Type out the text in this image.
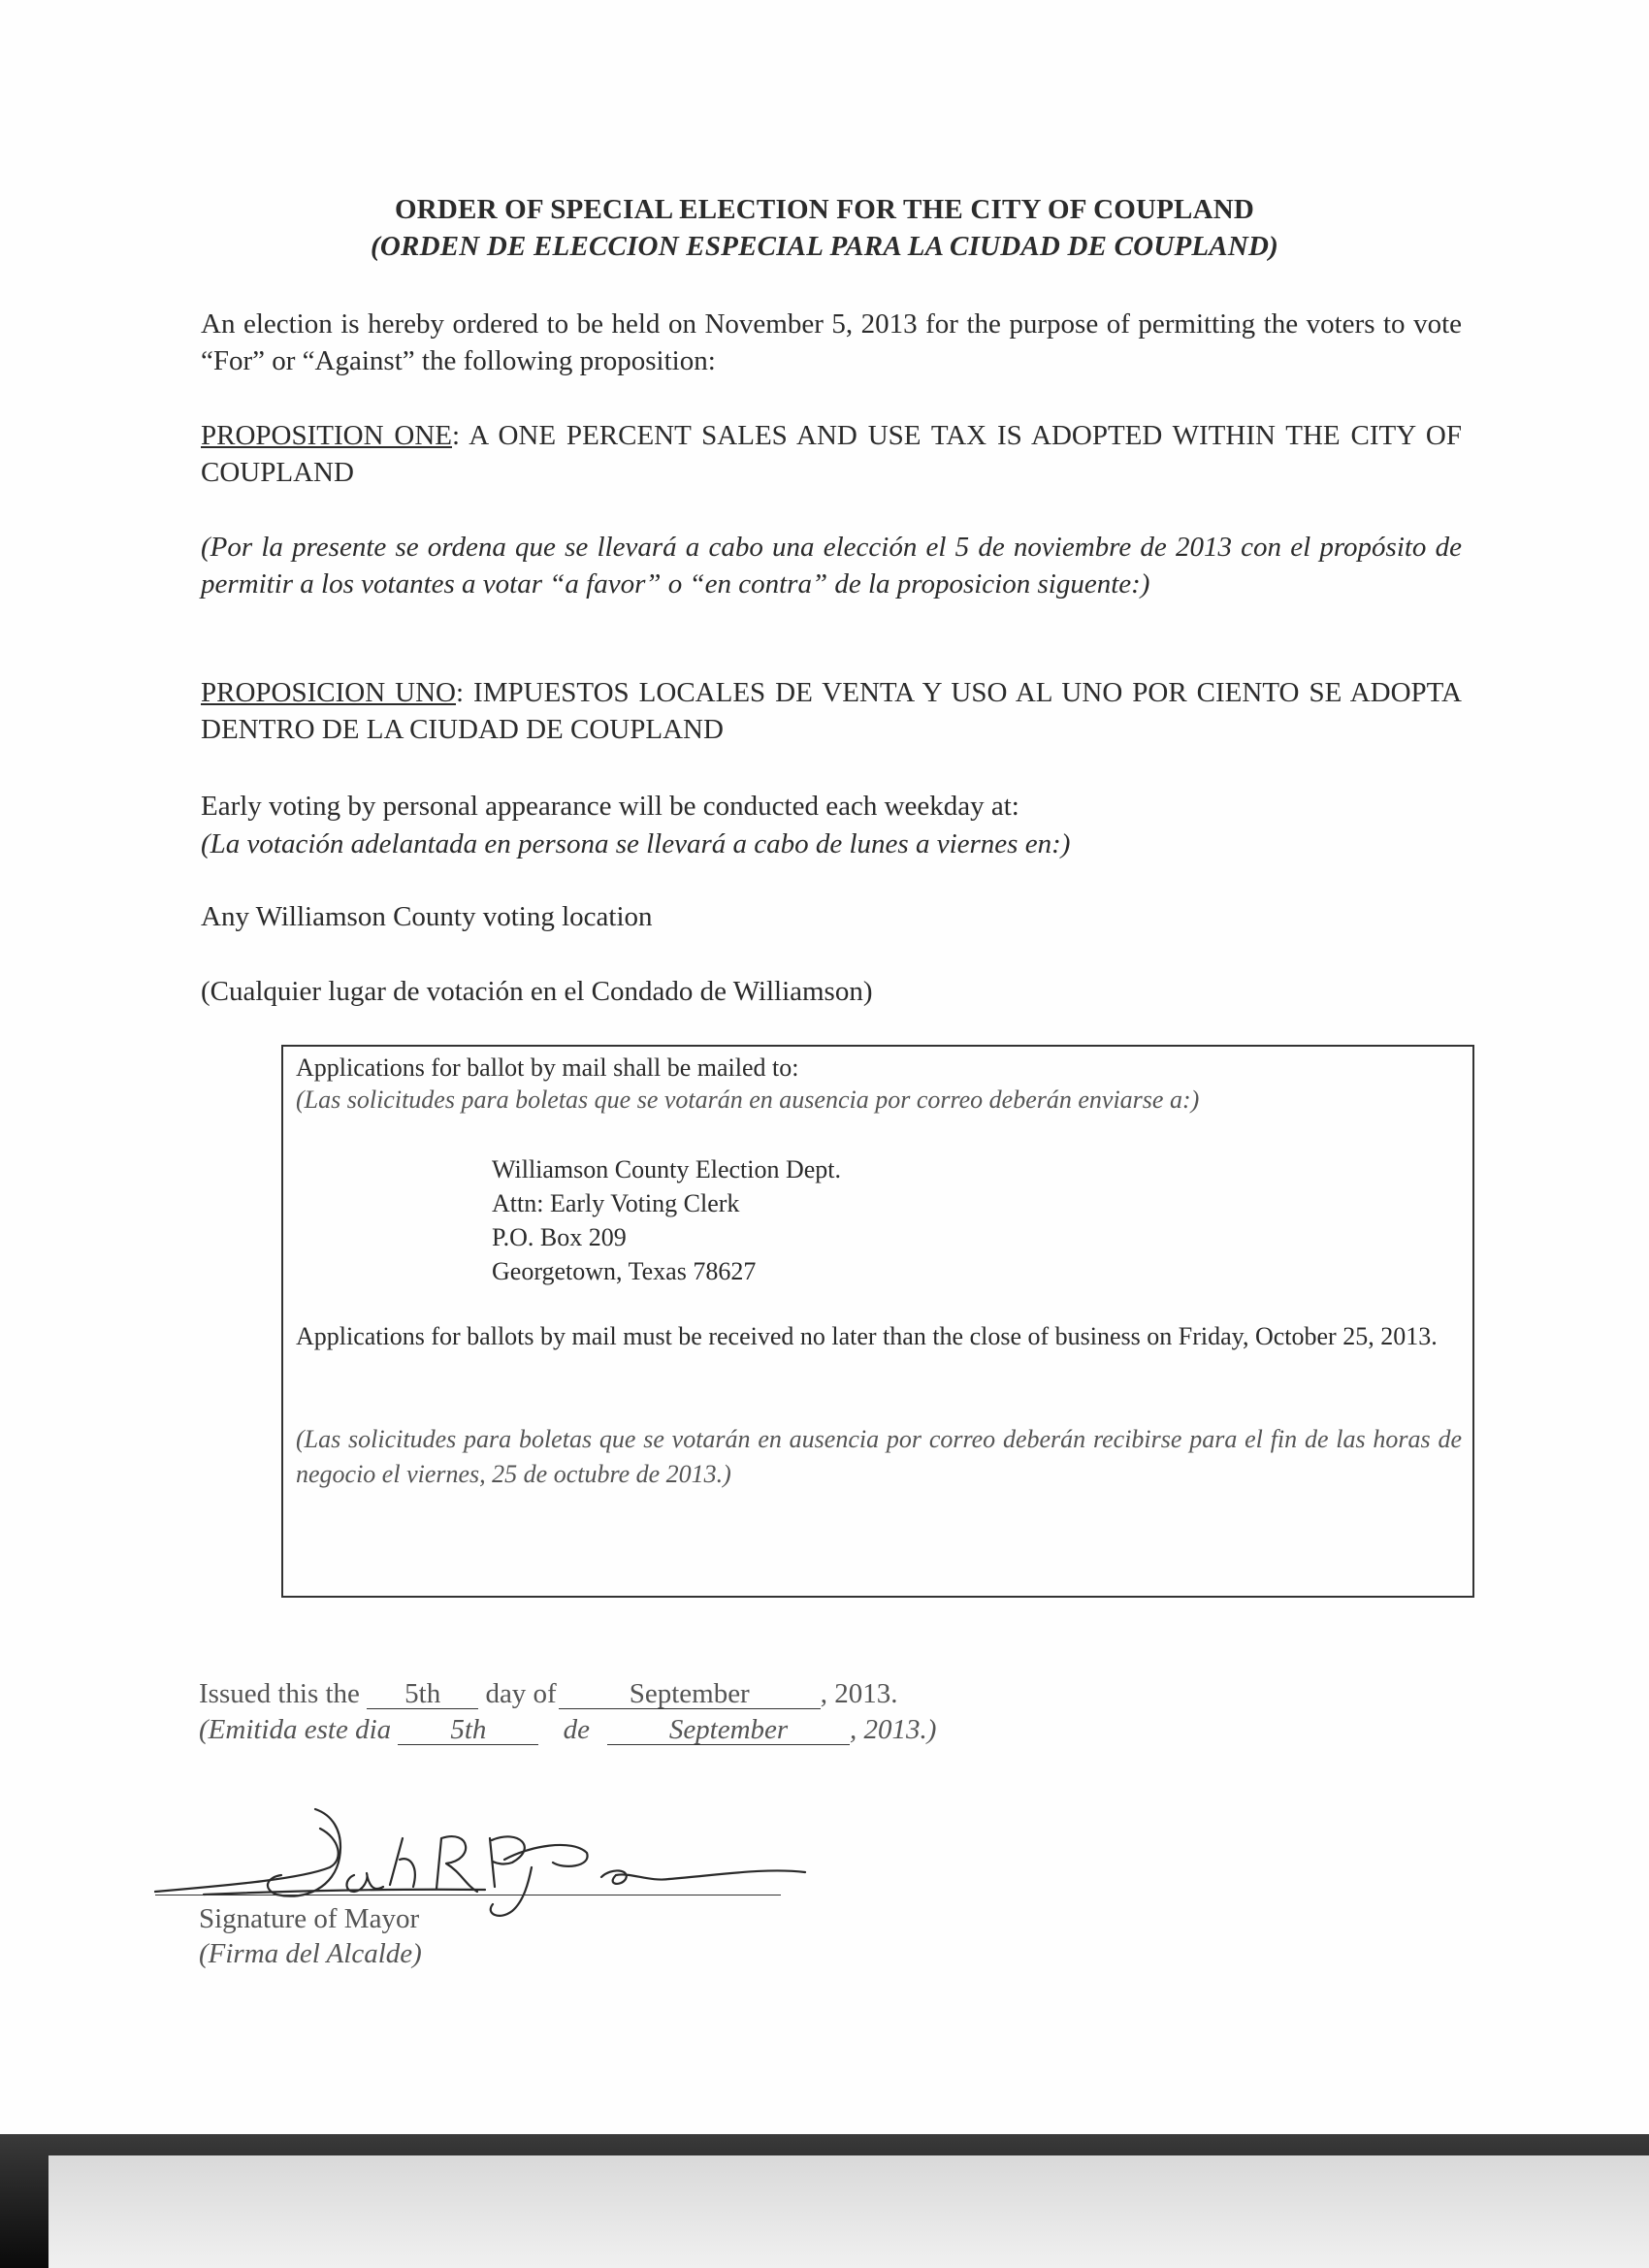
ORDER OF SPECIAL ELECTION FOR THE CITY OF COUPLAND
(ORDEN DE ELECCION ESPECIAL PARA LA CIUDAD DE COUPLAND)
An election is hereby ordered to be held on November 5, 2013 for the purpose of permitting the voters to vote “For” or “Against” the following proposition:
PROPOSITION ONE: A ONE PERCENT SALES AND USE TAX IS ADOPTED WITHIN THE CITY OF COUPLAND
(Por la presente se ordena que se llevará a cabo una elección el 5 de noviembre de 2013 con el propósito de permitir a los votantes a votar “a favor” o “en contra” de la proposicion siguente:)
PROPOSICION UNO: IMPUESTOS LOCALES DE VENTA Y USO AL UNO POR CIENTO SE ADOPTA DENTRO DE LA CIUDAD DE COUPLAND
Early voting by personal appearance will be conducted each weekday at:
(La votación adelantada en persona se llevará a cabo de lunes a viernes en:)
Any Williamson County voting location
(Cualquier lugar de votación en el Condado de Williamson)
Applications for ballot by mail shall be mailed to:
(Las solicitudes para boletas que se votarán en ausencia por correo deberán enviarse a:)
Williamson County Election Dept.
Attn: Early Voting Clerk
P.O. Box 209
Georgetown, Texas 78627
Applications for ballots by mail must be received no later than the close of business on Friday, October 25, 2013.
(Las solicitudes para boletas que se votarán en ausencia por correo deberán recibirse para el fin de las horas de negocio el viernes, 25 de octubre de 2013.)
Issued this the 5th day of	September	, 2013.
(Emitida este dia 5th	de	September , 2013.)
Signature of Mayor
(Firma del Alcalde)
